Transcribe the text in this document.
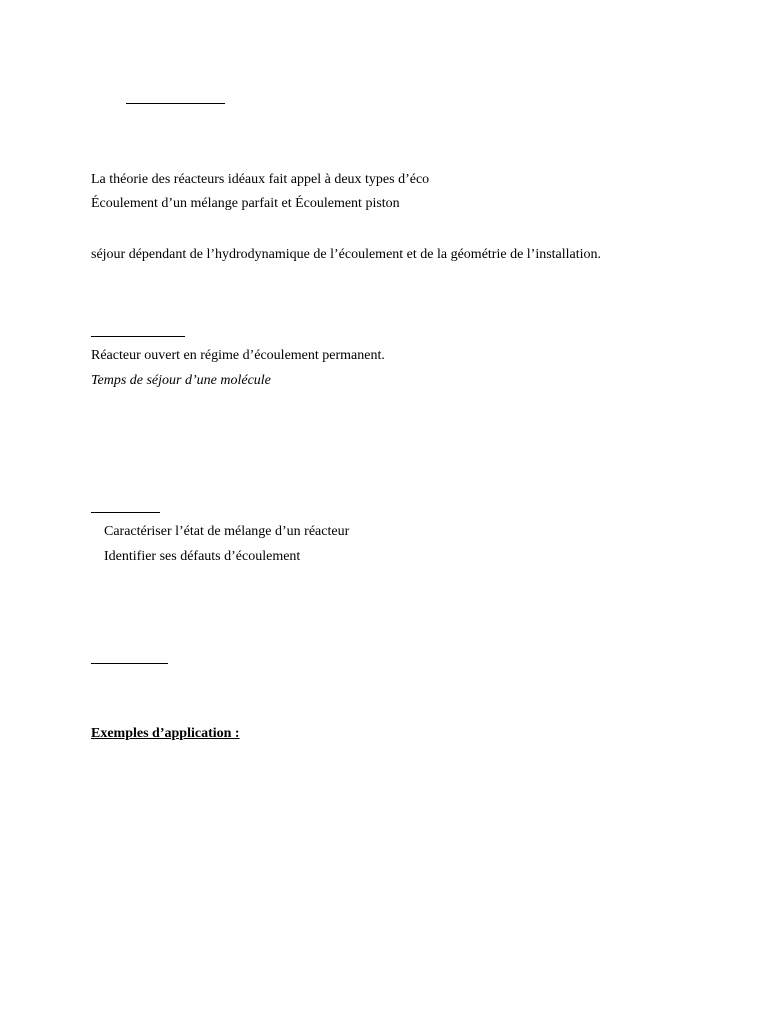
La théorie des réacteurs idéaux fait appel à deux types d’éco
Écoulement d’un mélange parfait et Écoulement piston
séjour dépendant de l’hydrodynamique de l’écoulement et de la géométrie de l’installation.
Réacteur ouvert en régime d’écoulement permanent.
Temps de séjour d’une molécule
Caractériser l’état de mélange d’un réacteur
Identifier ses défauts d’écoulement
Exemples d’application :
